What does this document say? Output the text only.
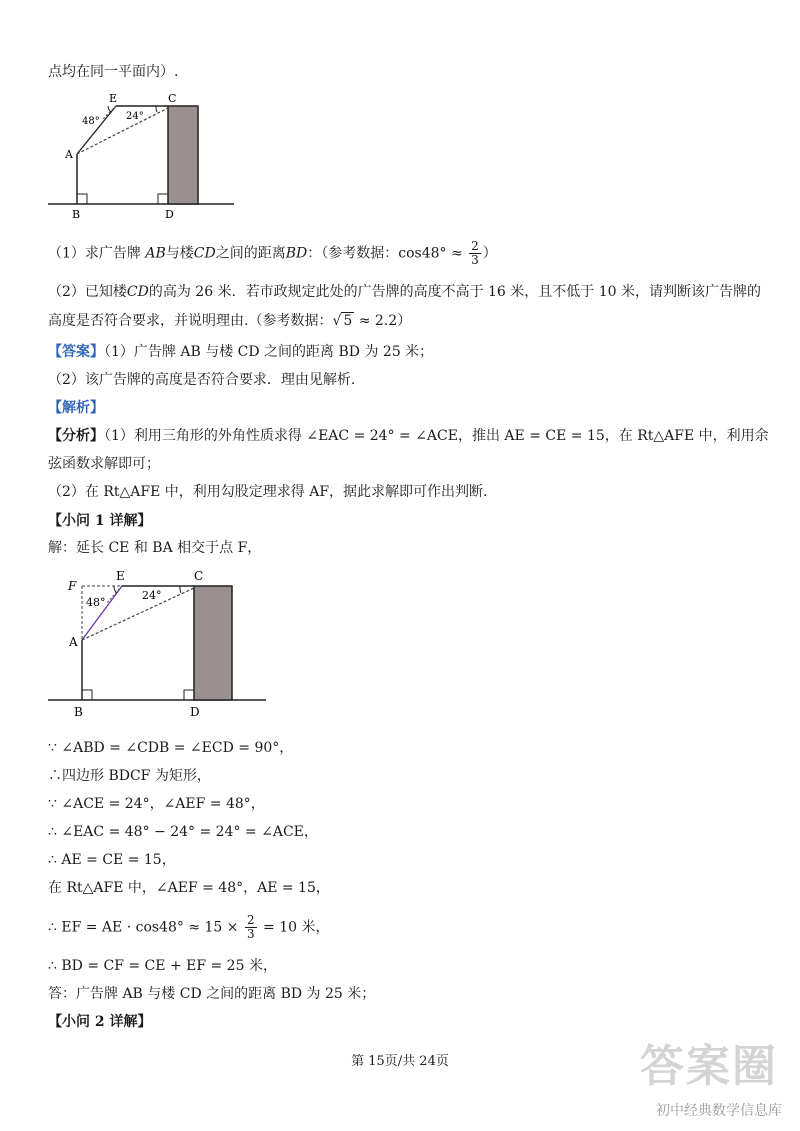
点均在同一平面内）.
E	C
A
B	D
48°	24°
（1）求广告牌 AB与楼CD之间的距离BD：（参考数据：$\cos 48^\circ \approx \frac{2}{3}$ ）
（2）已知楼CD的高为 26 米．若市政规定此处的广告牌的高度不高于 16 米，且不低于 10 米，请判断该广告牌的
高度是否符合要求，并说明理由.（参考数据：√ 5 ≈ 2.2）
【答案】（1）广告牌 AB 与楼 CD 之间的距离 BD 为 25 米；
（2）该广告牌的高度是否符合要求．理由见解析.
【解析】
【分析】（1）利用三角形的外角性质求得 ∠EAC = 24° = ∠ACE，推出 AE = CE = 15，在 Rt△AFE 中，利用余
弦函数求解即可；
（2）在 Rt△AFE 中，利用勾股定理求得 AF，据此求解即可作出判断.
【小问 1 详解】
解：延长 CE 和 BA 相交于点 F，
F
E	C
A
B	D
48°
24°
∵ ∠ABD = ∠CDB = ∠ECD = 90°，
∴四边形 BDCF 为矩形，
∵ ∠ACE = 24°，∠AEF = 48°，
∴ ∠EAC = 48° − 24° = 24° = ∠ACE，
∴ AE = CE = 15，
在 Rt△AFE 中，∠AEF = 48°，AE = 15，
∴ EF = AE · $\cos 48^\circ \approx 15 \times \frac{2}{3} = 10$ 米，
∴ BD = CF = CE + EF = 25 米，
答：广告牌 AB 与楼 CD 之间的距离 BD 为 25 米；
【小问 2 详解】
第 15页/共 24页	答案圈
初中经典数学信息库
